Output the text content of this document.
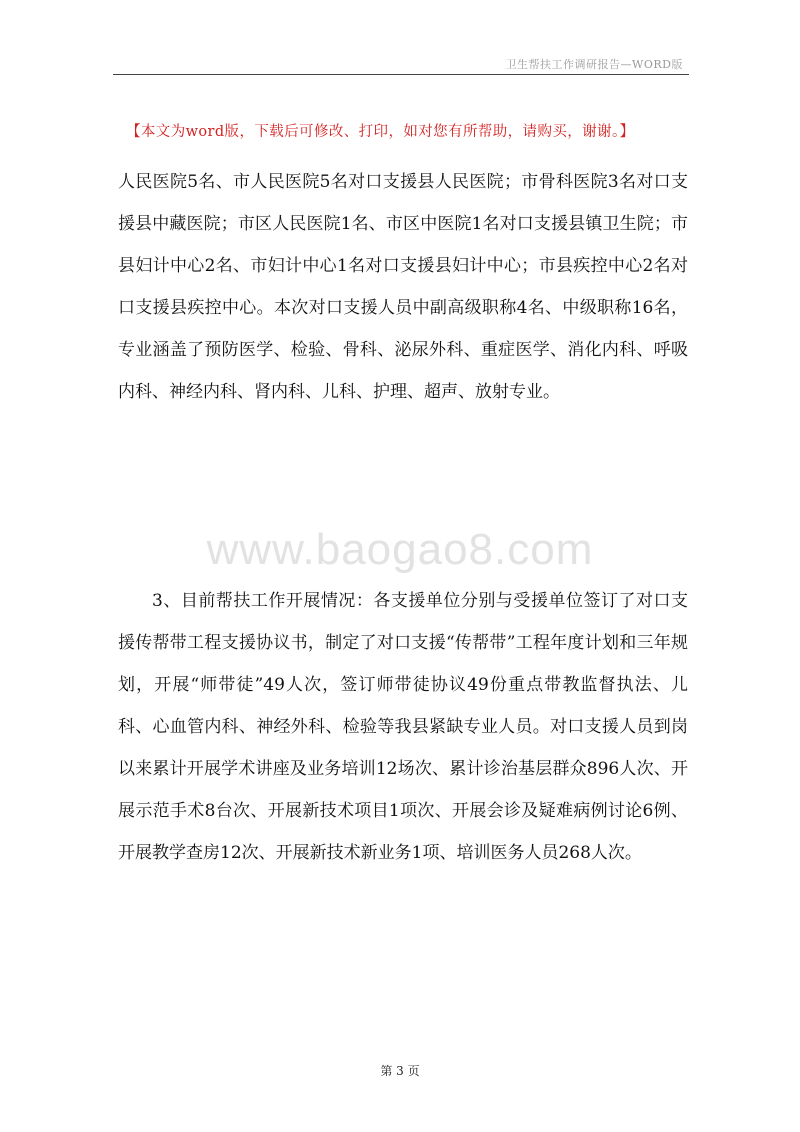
卫生帮扶工作调研报告—WORD版
【本文为word版，下载后可修改、打印，如对您有所帮助，请购买，谢谢。】

人民医院5名、市人民医院5名对口支援县人民医院；市骨科医院3名对口支援县中藏医院；市区人民医院1名、市区中医院1名对口支援县镇卫生院；市县妇计中心2名、市妇计中心1名对口支援县妇计中心；市县疾控中心2名对口支援县疾控中心。本次对口支援人员中副高级职称4名、中级职称16名，专业涵盖了预防医学、检验、骨科、泌尿外科、重症医学、消化内科、呼吸内科、神经内科、肾内科、儿科、护理、超声、放射专业。

www.baogao8.com

3、目前帮扶工作开展情况：各支援单位分别与受援单位签订了对口支援传帮带工程支援协议书，制定了对口支援“传帮带”工程年度计划和三年规划，开展“师带徒”49人次，签订师带徒协议49份重点带教监督执法、儿科、心血管内科、神经外科、检验等我县紧缺专业人员。对口支援人员到岗以来累计开展学术讲座及业务培训12场次、累计诊治基层群众896人次、开展示范手术8台次、开展新技术项目1项次、开展会诊及疑难病例讨论6例、开展教学查房12次、开展新技术新业务1项、培训医务人员268人次。

第 3 页
